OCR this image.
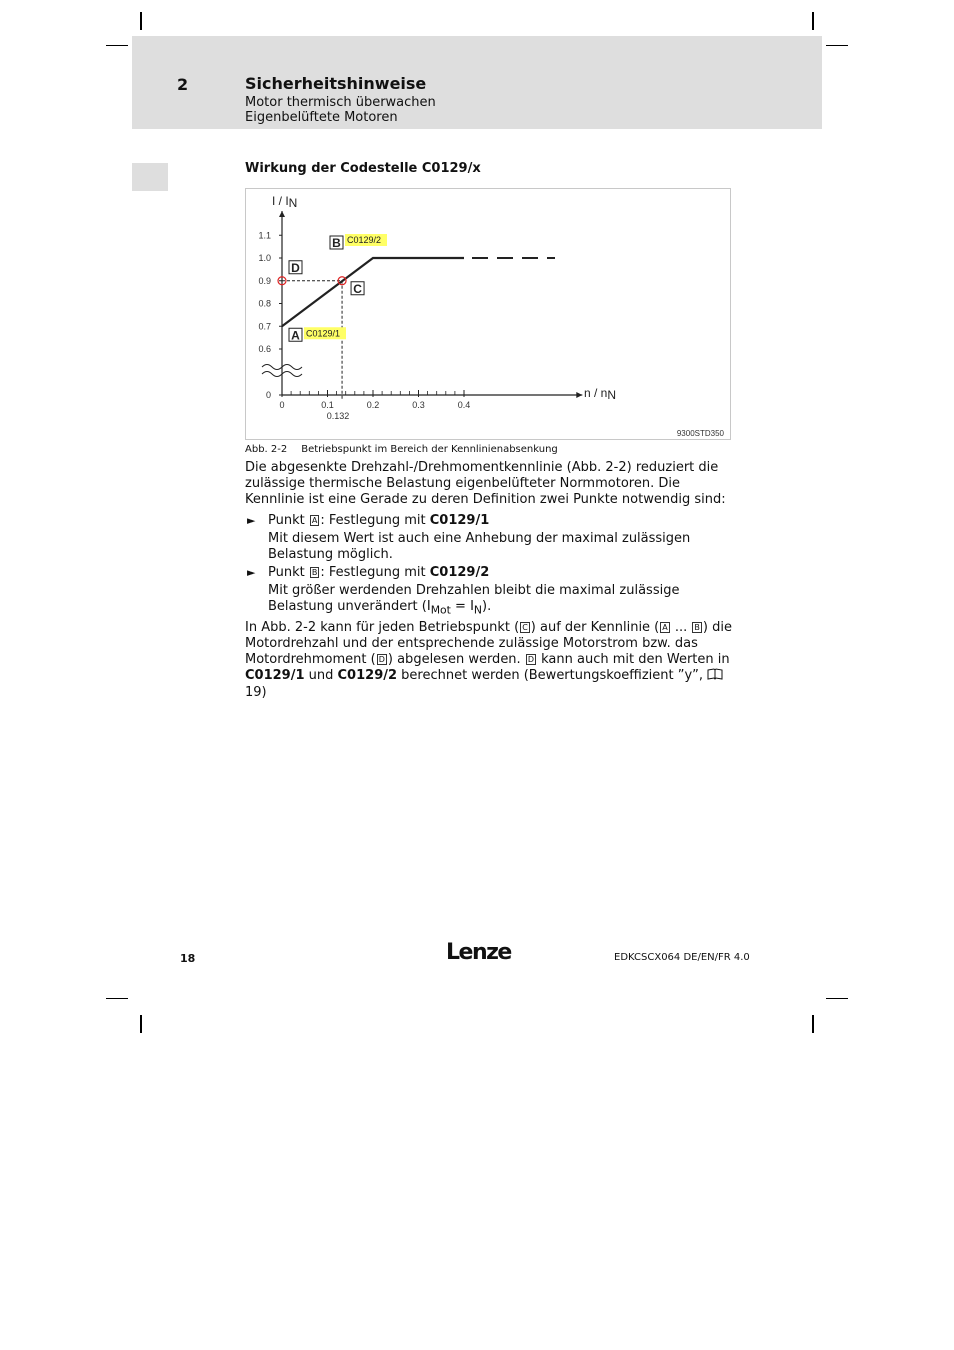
2	Sicherheitshinweise
Motor thermisch überwachen
Eigenbelüftete Motoren
Wirkung der Codestelle C0129/x
0
0.6
0.7
0.8
0.9
1.0
1.1
0	0.1	0.2	0.3	0.4
0.132
I / IN
n / nN
D
C
A C0129/1
B C0129/2
9300STD350
Abb. 2-2 Betriebspunkt im Bereich der Kennlinienabsenkung
Die abgesenkte Drehzahl-/Drehmomentkennlinie (Abb. 2-2) reduziert die zulässige thermische Belastung eigenbelüfteter Normmotoren. Die Kennlinie ist eine Gerade zu deren Definition zwei Punkte notwendig sind:
► Punkt A : Festlegung mit C0129/1
Mit diesem Wert ist auch eine Anhebung der maximal zulässigen Belastung möglich.
► Punkt B : Festlegung mit C0129/2
Mit größer werdenden Drehzahlen bleibt die maximal zulässige Belastung unverändert $(I_{Mot} = I_N)$.
In Abb. 2-2 kann für jeden Betriebspunkt ( C ) auf der Kennlinie ( A ... B ) die Motordrehzahl und der entsprechende zulässige Motorstrom bzw. das Motordrehmoment ( D ) abgelesen werden. D kann auch mit den Werten in C0129/1 und C0129/2 berechnet werden (Bewertungskoeffizient ”y”,  19)
18	Lenze	EDKCSCX064 DE/EN/FR 4.0
